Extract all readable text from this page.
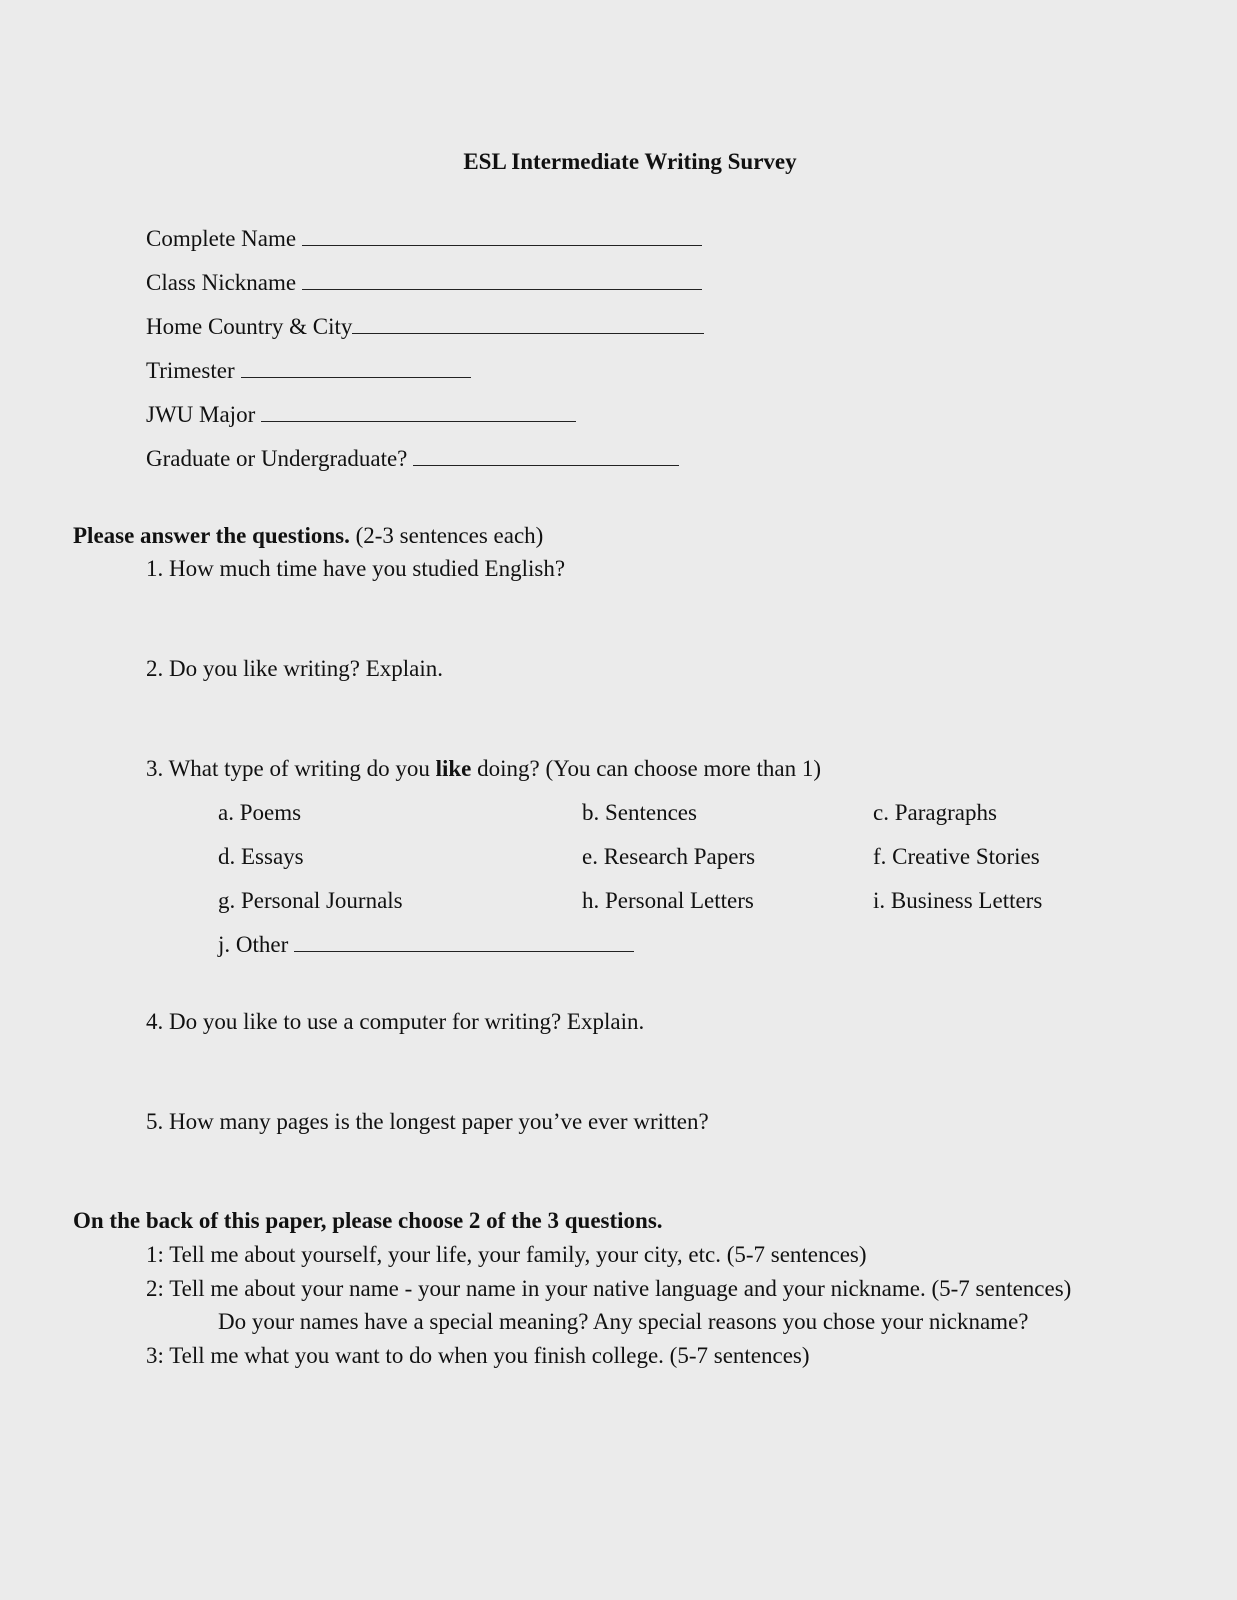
ESL Intermediate Writing Survey
Complete Name
Class Nickname
Home Country & City
Trimester
JWU Major
Graduate or Undergraduate?
Please answer the questions. (2-3 sentences each)
1. How much time have you studied English?
2. Do you like writing? Explain.
3. What type of writing do you like doing? (You can choose more than 1)
a. Poems	b. Sentences	c. Paragraphs
d. Essays	e. Research Papers	f. Creative Stories
g. Personal Journals	h. Personal Letters	i. Business Letters
j. Other
4. Do you like to use a computer for writing? Explain.
5. How many pages is the longest paper you’ve ever written?
On the back of this paper, please choose 2 of the 3 questions.
1: Tell me about yourself, your life, your family, your city, etc. (5-7 sentences)
2: Tell me about your name - your name in your native language and your nickname. (5-7 sentences)
Do your names have a special meaning? Any special reasons you chose your nickname?
3: Tell me what you want to do when you finish college. (5-7 sentences)
